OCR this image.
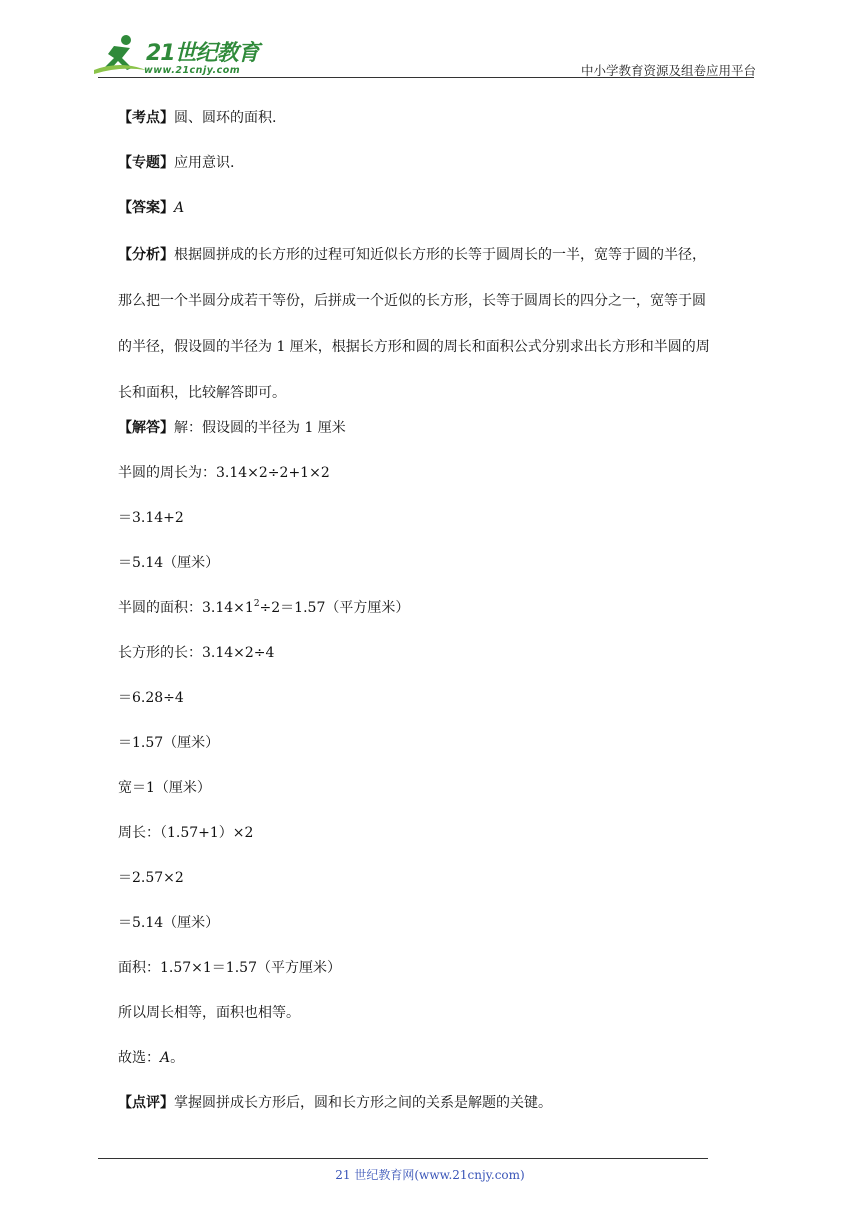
21世纪教育
www.21cnjy.com	中小学教育资源及组卷应用平台

【考点】圆、圆环的面积.

【专题】应用意识.

【答案】A

【分析】根据圆拼成的长方形的过程可知近似长方形的长等于圆周长的一半，宽等于圆的半径，
那么把一个半圆分成若干等份，后拼成一个近似的长方形，长等于圆周长的四分之一，宽等于圆
的半径，假设圆的半径为 1 厘米，根据长方形和圆的周长和面积公式分别求出长方形和半圆的周
长和面积，比较解答即可。

【解答】解：假设圆的半径为 1 厘米

半圆的周长为：3.14×2÷2+1×2

＝3.14+2

＝5.14（厘米）

半圆的面积：$3.14\times 1^2\div 2=1.57$（平方厘米）

长方形的长：3.14×2÷4

＝6.28÷4

＝1.57（厘米）

宽＝1（厘米）

周长：（1.57+1）×2

＝2.57×2

＝5.14（厘米）

面积：1.57×1＝1.57（平方厘米）

所以周长相等，面积也相等。

故选：A。

【点评】掌握圆拼成长方形后，圆和长方形之间的关系是解题的关键。

21 世纪教育网(www.21cnjy.com)
